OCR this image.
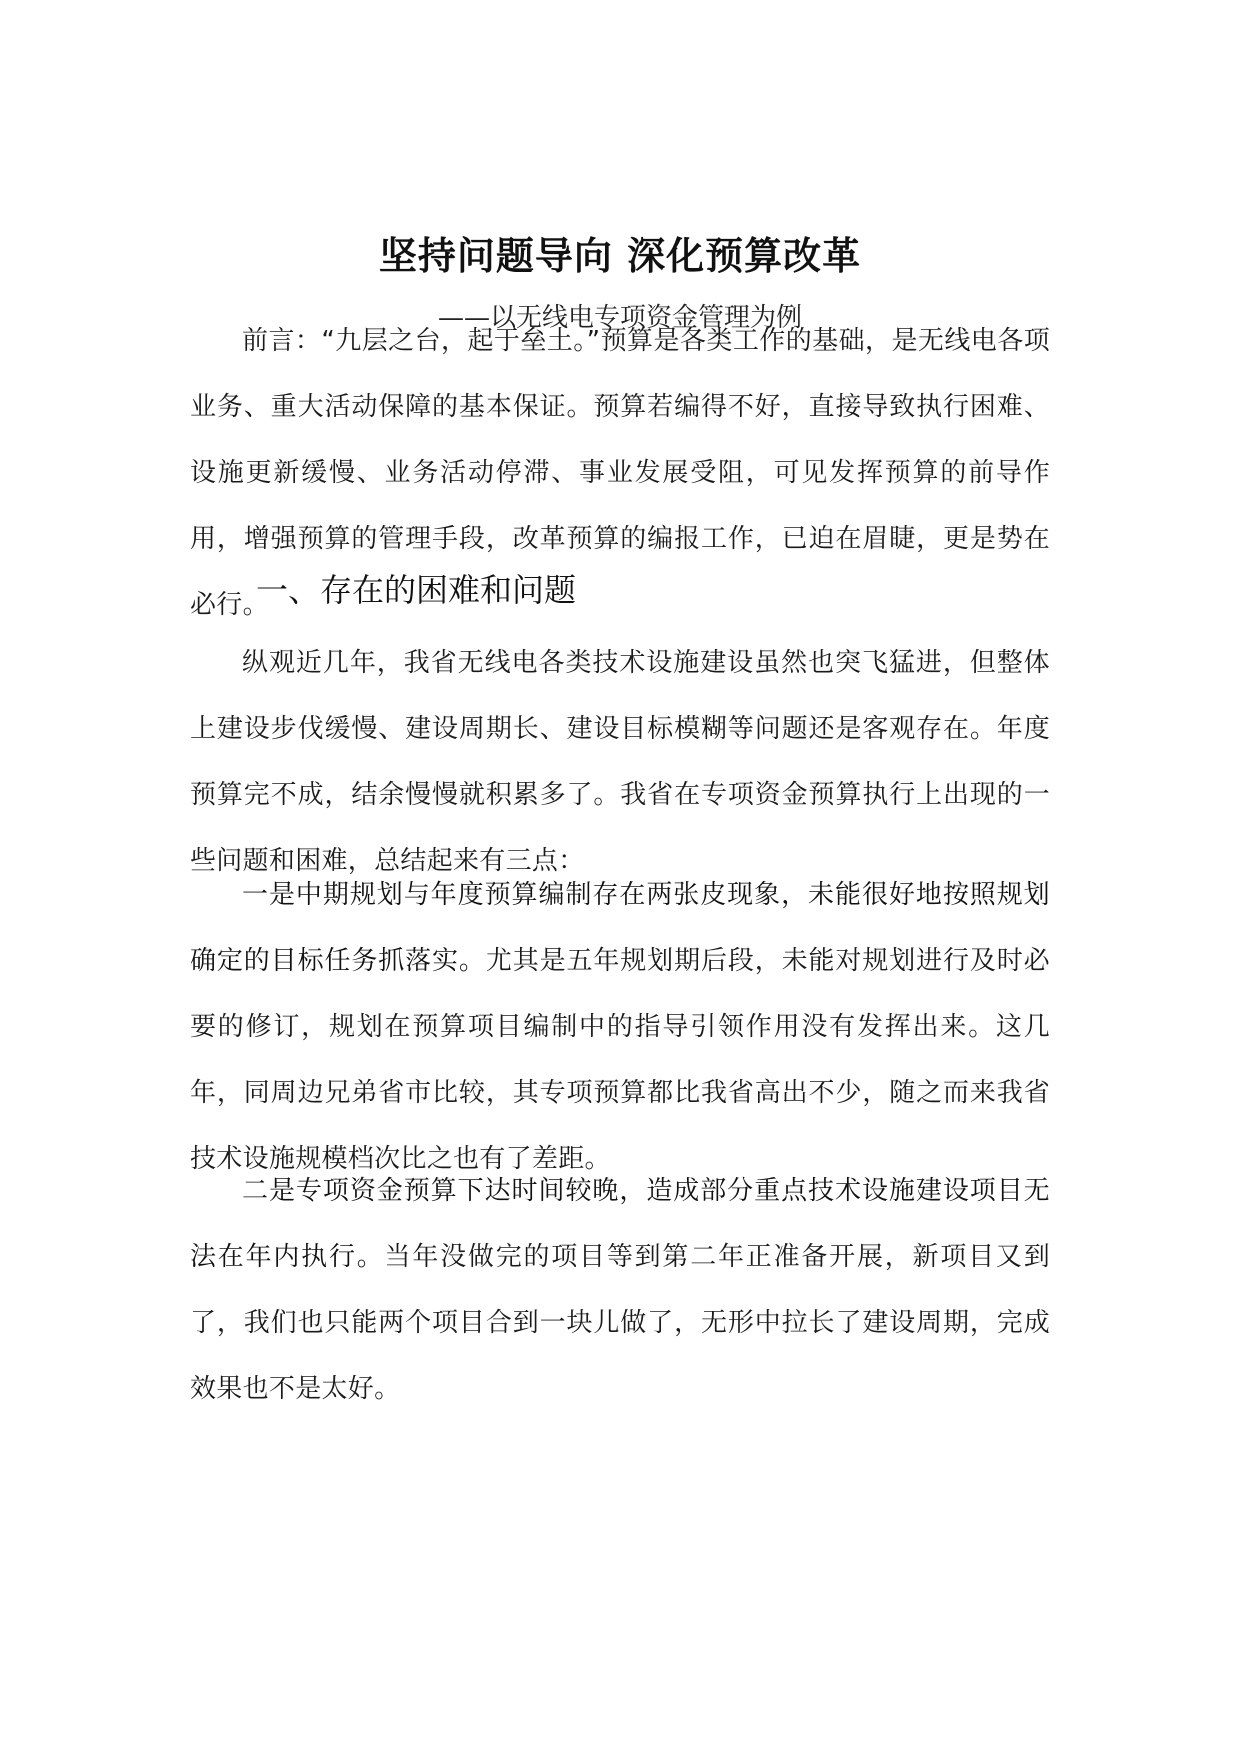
坚持问题导向 深化预算改革
——以无线电专项资金管理为例

前言：“九层之台，起于垒土。”预算是各类工作的基础，是无线电各项业务、重大活动保障的基本保证。预算若编得不好，直接导致执行困难、设施更新缓慢、业务活动停滞、事业发展受阻，可见发挥预算的前导作用，增强预算的管理手段，改革预算的编报工作，已迫在眉睫，更是势在必行。

一、存在的困难和问题

纵观近几年，我省无线电各类技术设施建设虽然也突飞猛进，但整体上建设步伐缓慢、建设周期长、建设目标模糊等问题还是客观存在。年度预算完不成，结余慢慢就积累多了。我省在专项资金预算执行上出现的一些问题和困难，总结起来有三点：

一是中期规划与年度预算编制存在两张皮现象，未能很好地按照规划确定的目标任务抓落实。尤其是五年规划期后段，未能对规划进行及时必要的修订，规划在预算项目编制中的指导引领作用没有发挥出来。这几年，同周边兄弟省市比较，其专项预算都比我省高出不少，随之而来我省技术设施规模档次比之也有了差距。

二是专项资金预算下达时间较晚，造成部分重点技术设施建设项目无法在年内执行。当年没做完的项目等到第二年正准备开展，新项目又到了，我们也只能两个项目合到一块儿做了，无形中拉长了建设周期，完成效果也不是太好。
